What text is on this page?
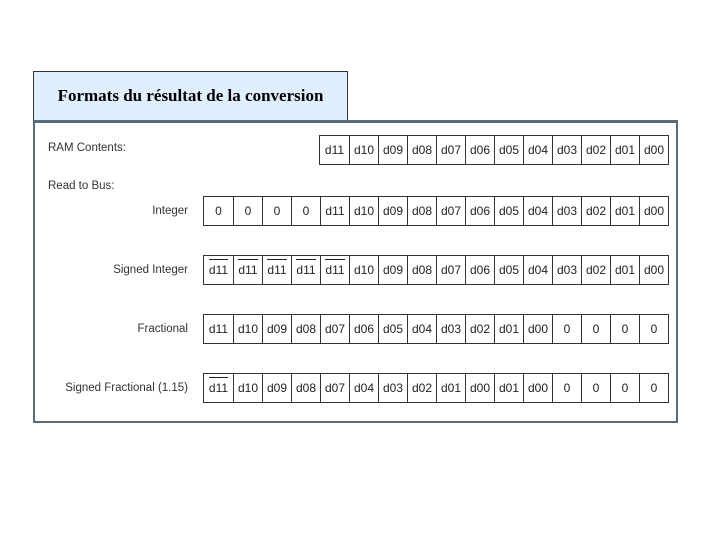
Formats du résultat de la conversion
RAM Contents:	d11 d10 d09 d08 d07 d06 d05 d04 d03 d02 d01 d00
Read to Bus:
Integer 0 0 0 0 d11 d10 d09 d08 d07 d06 d05 d04 d03 d02 d01 d00
Signed Integer d11 d11 d11 d11 d11 d10 d09 d08 d07 d06 d05 d04 d03 d02 d01 d00
Fractional d11 d10 d09 d08 d07 d06 d05 d04 d03 d02 d01 d00 0 0 0 0
Signed Fractional (1.15) d11 d10 d09 d08 d07 d04 d03 d02 d01 d00 d01 d00 0 0 0 0
